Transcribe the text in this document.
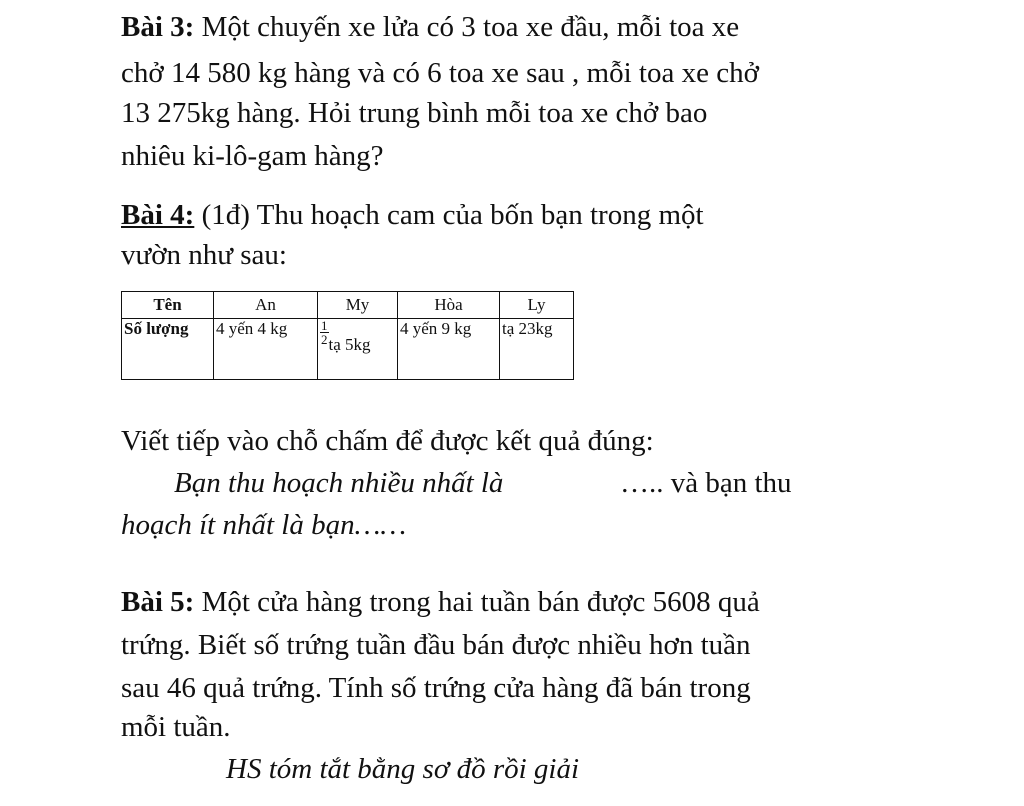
Bài 3: Một chuyến xe lửa có 3 toa xe đầu, mỗi toa xe
chở 14 580 kg hàng và có 6 toa xe sau , mỗi toa xe chở
13 275kg hàng. Hỏi trung bình mỗi toa xe chở bao
nhiêu ki-lô-gam hàng?
Bài 4: (1đ) Thu hoạch cam của bốn bạn trong một
vườn như sau:
Tên	An	My	Hòa	Ly
Số lượng	4 yến 4 kg	$\frac{1}{2}$ tạ 5kg	4 yến 9 kg	tạ 23kg
Viết tiếp vào chỗ chấm để được kết quả đúng:
Bạn thu hoạch nhiều nhất là	….. và bạn thu
hoạch ít nhất là bạn……
Bài 5: Một cửa hàng trong hai tuần bán được 5608 quả
trứng. Biết số trứng tuần đầu bán được nhiều hơn tuần
sau 46 quả trứng. Tính số trứng cửa hàng đã bán trong
mỗi tuần.
HS tóm tắt bằng sơ đồ rồi giải
